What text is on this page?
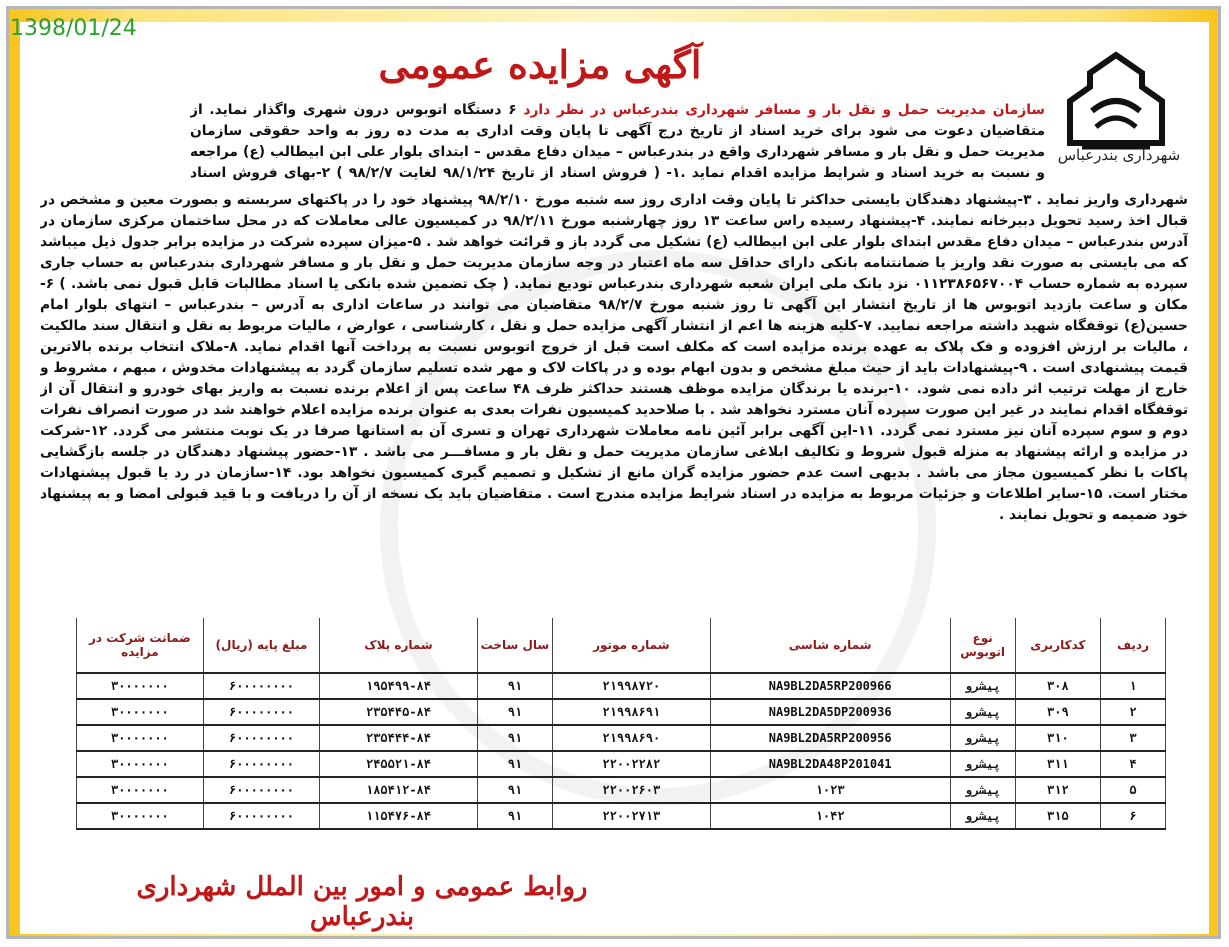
1398/01/24
آگهی مزایده عمومی
شهرداری بندرعباس
سازمان مدیریت حمل و نقل بار و مسافر شهرداری بندرعباس در نظر دارد ۶ دستگاه اتوبوس درون شهری واگذار نماید. از متقاضیان دعوت می شود برای خرید اسناد از تاریخ درج آگهی تا پایان وقت اداری به مدت ده روز به واحد حقوقی سازمان مدیریت حمل و نقل بار و مسافر شهرداری واقع در بندرعباس – میدان دفاع مقدس – ابتدای بلوار علی ابن ابیطالب (ع) مراجعه و نسبت به خرید اسناد و شرایط مزایده اقدام نماید .۱- ( فروش اسناد از تاریخ ۹۸/۱/۲۴ لغایت ۹۸/۲/۷ ) ۲-بهای فروش اسناد
شهرداری واریز نماید . ۳-پیشنهاد دهندگان بایستی حداکثر تا پایان وقت اداری روز سه شنبه مورخ ۹۸/۲/۱۰ پیشنهاد خود را در پاکتهای سربسته و بصورت معین و مشخص در قبال اخذ رسید تحویل دبیرخانه نمایند. ۴-پیشنهاد رسیده راس ساعت ۱۳ روز چهارشنبه مورخ ۹۸/۲/۱۱ در کمیسیون عالی معاملات که در محل ساختمان مرکزی سازمان در آدرس بندرعباس – میدان دفاع مقدس ابتدای بلوار علی ابن ابیطالب (ع) تشکیل می گردد باز و قرائت خواهد شد . ۵-میزان سپرده شرکت در مزایده برابر جدول ذیل میباشد که می بایستی به صورت نقد واریز یا ضمانتنامه بانکی دارای حداقل سه ماه اعتبار در وجه سازمان مدیریت حمل و نقل بار و مسافر شهرداری بندرعباس به حساب جاری سپرده به شماره حساب ۰۱۱۲۳۸۶۵۶۷۰۰۴ نزد بانک ملی ایران شعبه شهرداری بندرعباس تودیع نماید. ( چک تضمین شده بانکی یا اسناد مطالبات قابل قبول نمی باشد. ) ۶-مکان و ساعت بازدید اتوبوس ها از تاریخ انتشار این آگهی تا روز شنبه مورخ ۹۸/۲/۷ متقاضیان می توانند در ساعات اداری به آدرس – بندرعباس – انتهای بلوار امام حسین(ع) توقفگاه شهید داشته مراجعه نمایید. ۷-کلیه هزینه ها اعم از انتشار آگهی مزایده حمل و نقل ، کارشناسی ، عوارض ، مالیات مربوط به نقل و انتقال سند مالکیت ، مالیات بر ارزش افزوده و فک پلاک به عهده برنده مزایده است که مکلف است قبل از خروج اتوبوس نسبت به پرداخت آنها اقدام نماید. ۸-ملاک انتخاب برنده بالاترین قیمت پیشنهادی است . ۹-پیشنهادات باید از حیث مبلغ مشخص و بدون ابهام بوده و در پاکات لاک و مهر شده تسلیم سازمان گردد به پیشنهادات مخدوش ، مبهم ، مشروط و خارج از مهلت ترتیب اثر داده نمی شود. ۱۰-برنده یا برندگان مزایده موظف هستند حداکثر ظرف ۴۸ ساعت پس از اعلام برنده نسبت به واریز بهای خودرو و انتقال آن از توقفگاه اقدام نمایند در غیر این صورت سپرده آنان مسترد نخواهد شد . با صلاحدید کمیسیون نفرات بعدی به عنوان برنده مزایده اعلام خواهند شد در صورت انصراف نفرات دوم و سوم سپرده آنان نیز مسترد نمی گردد. ۱۱-این آگهی برابر آئین نامه معاملات شهرداری تهران و تسری آن به استانها صرفا در یک نوبت منتشر می گردد. ۱۲-شرکت در مزایده و ارائه پیشنهاد به منزله قبول شروط و تکالیف ابلاغی سازمان مدیریت حمل و نقل بار و مسافـــر می باشد . ۱۳-حضور پیشنهاد دهندگان در جلسه بازگشایی پاکات با نظر کمیسیون مجاز می باشد . بدیهی است عدم حضور مزایده گران مانع از تشکیل و تصمیم گیری کمیسیون نخواهد بود. ۱۴-سازمان در رد یا قبول پیشنهادات مختار است. ۱۵-سایر اطلاعات و جزئیات مربوط به مزایده در اسناد شرایط مزایده مندرج است . متقاضیان باید یک نسخه از آن را دریافت و با قید قبولی امضا و به پیشنهاد خود ضمیمه و تحویل نمایند .
ردیف	کدکاربری	نوع اتوبوس	شماره شاسی	شماره موتور	سال ساخت	شماره پلاک	مبلغ پایه (ریال)	ضمانت شرکت در مزایده
۱	۳۰۸	پیشرو	NA9BL2DA5RP200966	۲۱۹۹۸۷۲۰	۹۱	۱۹۵۴۹۹-۸۴	۶۰۰۰۰۰۰۰۰	۳۰۰۰۰۰۰۰
۲	۳۰۹	پیشرو	NA9BL2DA5DP200936	۲۱۹۹۸۶۹۱	۹۱	۲۳۵۴۴۵-۸۴	۶۰۰۰۰۰۰۰۰	۳۰۰۰۰۰۰۰
۳	۳۱۰	پیشرو	NA9BL2DA5RP200956	۲۱۹۹۸۶۹۰	۹۱	۲۳۵۴۴۴-۸۴	۶۰۰۰۰۰۰۰۰	۳۰۰۰۰۰۰۰
۴	۳۱۱	پیشرو	NA9BL2DA48P201041	۲۲۰۰۲۲۸۲	۹۱	۲۴۵۵۲۱-۸۴	۶۰۰۰۰۰۰۰۰	۳۰۰۰۰۰۰۰
۵	۳۱۲	پیشرو	۱۰۲۳	۲۲۰۰۲۶۰۳	۹۱	۱۸۵۴۱۲-۸۴	۶۰۰۰۰۰۰۰۰	۳۰۰۰۰۰۰۰
۶	۳۱۵	پیشرو	۱۰۴۲	۲۲۰۰۲۷۱۳	۹۱	۱۱۵۴۷۶-۸۴	۶۰۰۰۰۰۰۰۰	۳۰۰۰۰۰۰۰
روابط عمومی و امور بین الملل شهرداری بندرعباس
